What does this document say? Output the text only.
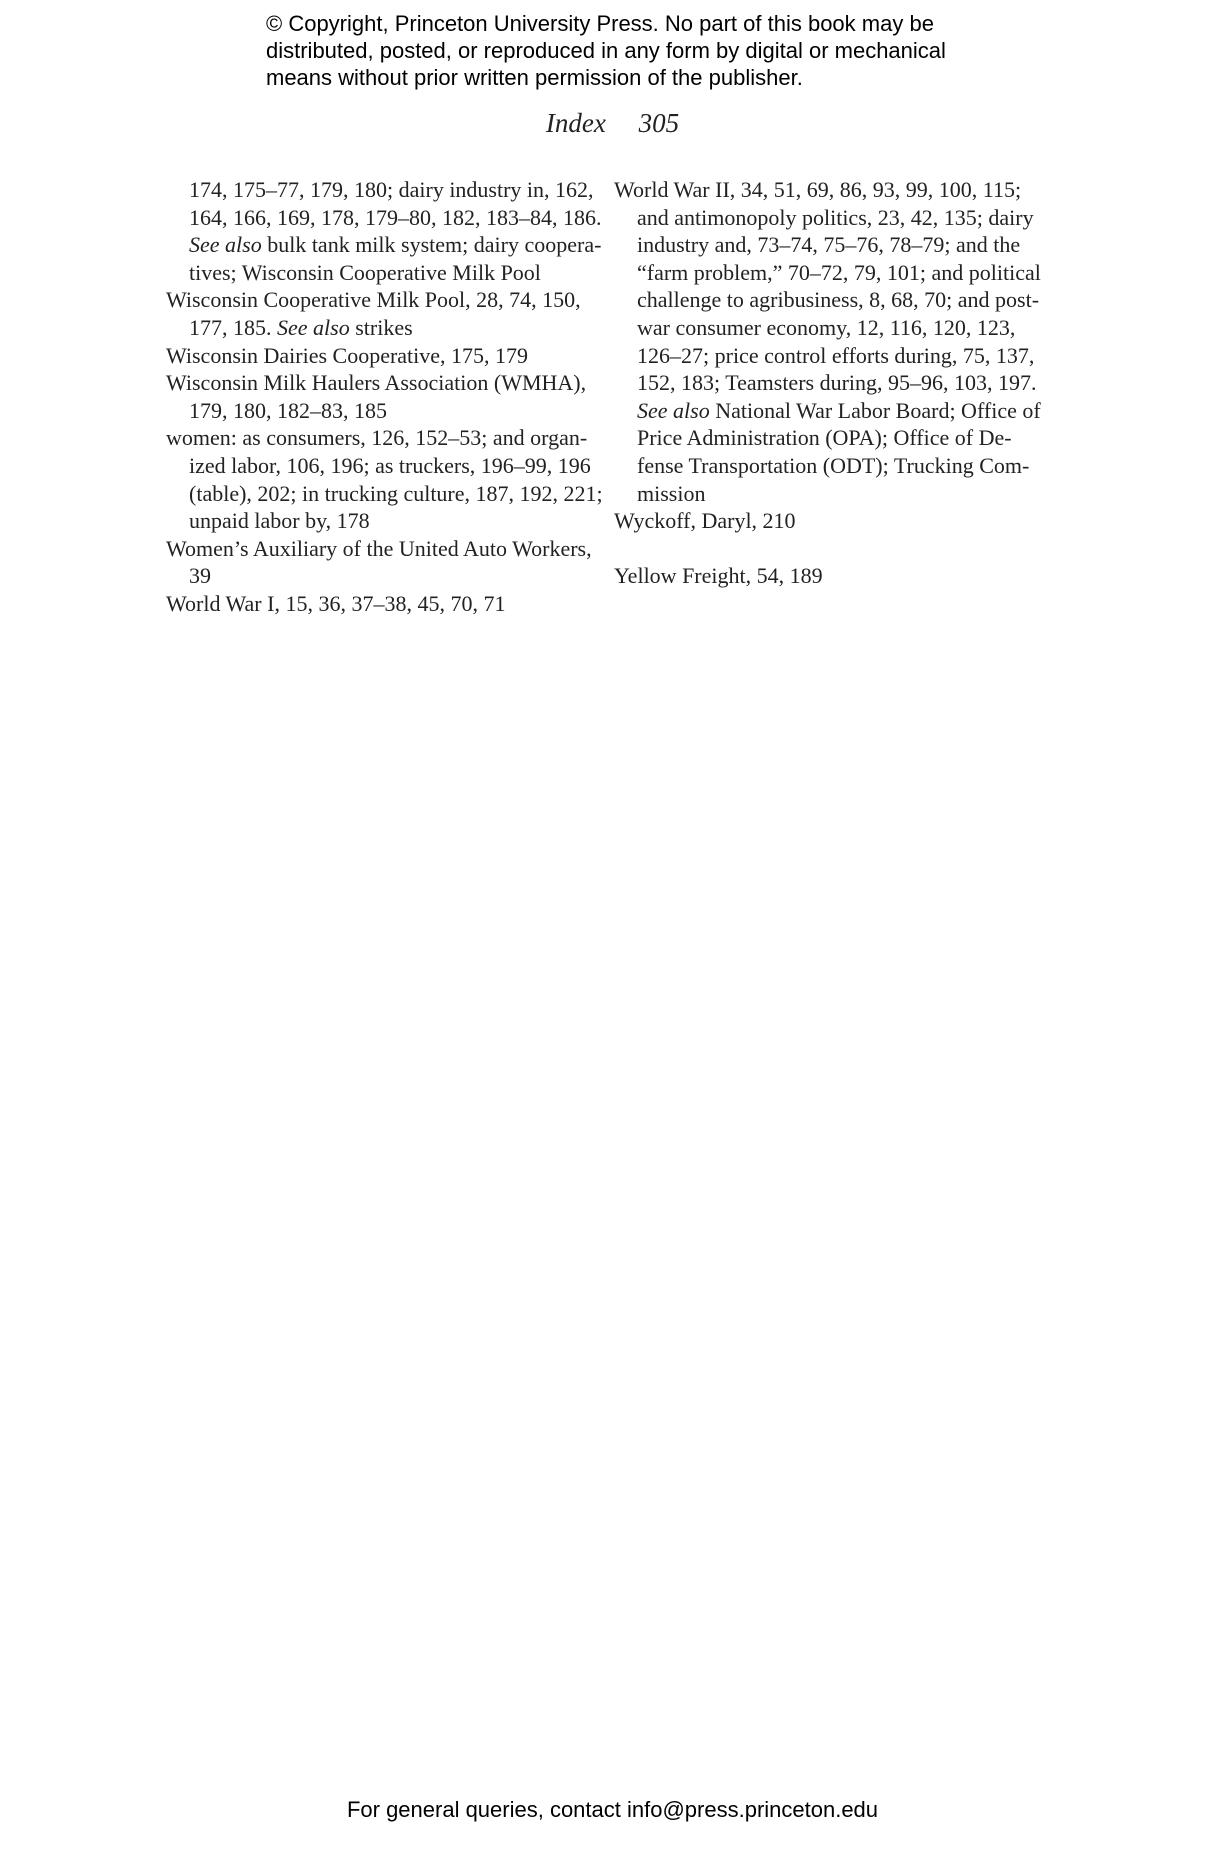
© Copyright, Princeton University Press. No part of this book may be
distributed, posted, or reproduced in any form by digital or mechanical
means without prior written permission of the publisher.
Index 305
174, 175–77, 179, 180; dairy industry in, 162,
164, 166, 169, 178, 179–80, 182, 183–84, 186.
See also bulk tank milk system; dairy coopera-
tives; Wisconsin Cooperative Milk Pool
Wisconsin Cooperative Milk Pool, 28, 74, 150,
177, 185. See also strikes
Wisconsin Dairies Cooperative, 175, 179
Wisconsin Milk Haulers Association (WMHA),
179, 180, 182–83, 185
women: as consumers, 126, 152–53; and organ-
ized labor, 106, 196; as truckers, 196–99, 196
(table), 202; in trucking culture, 187, 192, 221;
unpaid labor by, 178
Women’s Auxiliary of the United Auto Workers,
39
World War I, 15, 36, 37–38, 45, 70, 71
World War II, 34, 51, 69, 86, 93, 99, 100, 115;
and antimonopoly politics, 23, 42, 135; dairy
industry and, 73–74, 75–76, 78–79; and the
“farm problem,” 70–72, 79, 101; and political
challenge to agribusiness, 8, 68, 70; and post-
war consumer economy, 12, 116, 120, 123,
126–27; price control efforts during, 75, 137,
152, 183; Teamsters during, 95–96, 103, 197.
See also National War Labor Board; Office of
Price Administration (OPA); Office of De-
fense Transportation (ODT); Trucking Com-
mission
Wyckoff, Daryl, 210
Yellow Freight, 54, 189
For general queries, contact info@press.princeton.edu
